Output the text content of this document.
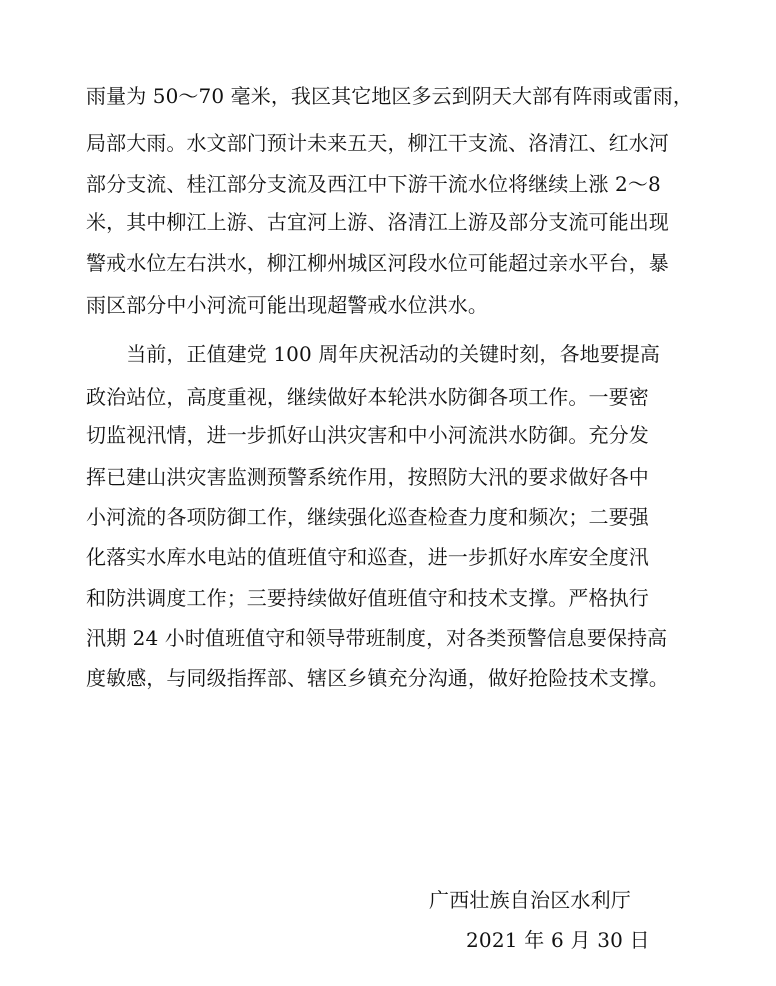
雨量为 50～70 毫米，我区其它地区多云到阴天大部有阵雨或雷雨，

局部大雨。水文部门预计未来五天，柳江干支流、洛清江、红水河

部分支流、桂江部分支流及西江中下游干流水位将继续上涨 2～8

米，其中柳江上游、古宜河上游、洛清江上游及部分支流可能出现

警戒水位左右洪水，柳江柳州城区河段水位可能超过亲水平台，暴

雨区部分中小河流可能出现超警戒水位洪水。

　　当前，正值建党 100 周年庆祝活动的关键时刻，各地要提高

政治站位，高度重视，继续做好本轮洪水防御各项工作。一要密

切监视汛情，进一步抓好山洪灾害和中小河流洪水防御。充分发

挥已建山洪灾害监测预警系统作用，按照防大汛的要求做好各中

小河流的各项防御工作，继续强化巡查检查力度和频次；二要强

化落实水库水电站的值班值守和巡查，进一步抓好水库安全度汛

和防洪调度工作；三要持续做好值班值守和技术支撑。严格执行

汛期 24 小时值班值守和领导带班制度，对各类预警信息要保持高

度敏感，与同级指挥部、辖区乡镇充分沟通，做好抢险技术支撑。

广西壮族自治区水利厅

2021 年 6 月 30 日
